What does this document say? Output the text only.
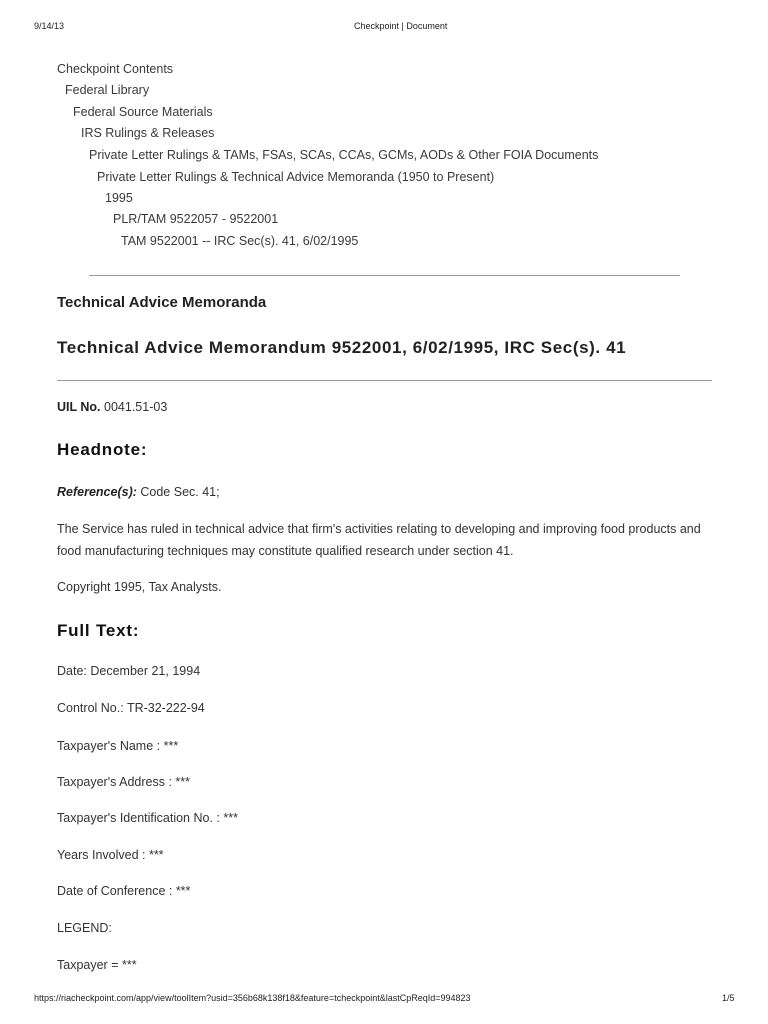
9/14/13	Checkpoint | Document
Checkpoint Contents
Federal Library
Federal Source Materials
IRS Rulings & Releases
Private Letter Rulings & TAMs, FSAs, SCAs, CCAs, GCMs, AODs & Other FOIA Documents
Private Letter Rulings & Technical Advice Memoranda (1950 to Present)
1995
PLR/TAM 9522057 - 9522001
TAM 9522001 -- IRC Sec(s). 41, 6/02/1995
Technical Advice Memoranda
Technical Advice Memorandum 9522001, 6/02/1995, IRC Sec(s). 41
UIL No. 0041.51-03
Headnote:
Reference(s): Code Sec. 41;
The Service has ruled in technical advice that firm's activities relating to developing and improving food products and food manufacturing techniques may constitute qualified research under section 41.
Copyright 1995, Tax Analysts.
Full Text:
Date: December 21, 1994
Control No.: TR-32-222-94
Taxpayer's Name : ***
Taxpayer's Address : ***
Taxpayer's Identification No. : ***
Years Involved : ***
Date of Conference : ***
LEGEND:
Taxpayer = ***
https://riacheckpoint.com/app/view/toolItem?usid=356b68k138f18&feature=tcheckpoint&lastCpReqId=994823	1/5
